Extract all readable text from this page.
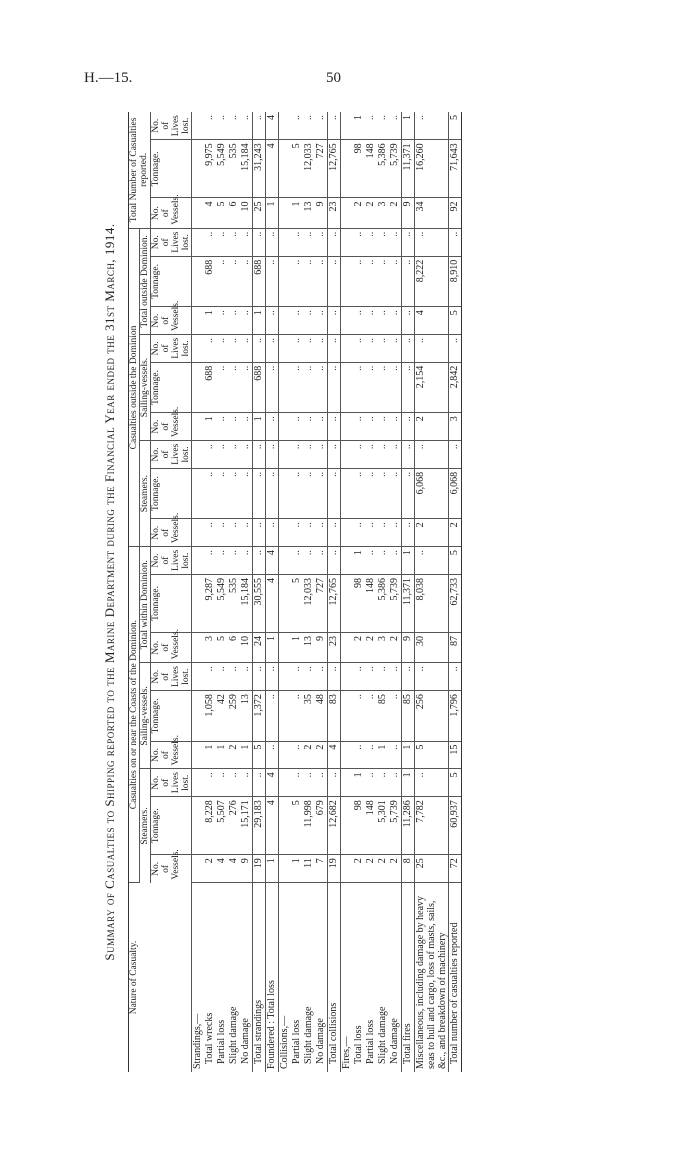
H.—15.	50
Summary of Casualties to Shipping reported to the Marine Department during the Financial Year ended the 31st March, 1914.
Nature of Casualty.	Casualties on or near the Coasts of the Dominion.									Casualties outside the Dominion									Total Number of Casualties reported.		
	Steamers.			Sailing-vessels.			Total within Dominion.			Steamers.			Sailing-vessels.			Total outside Dominion.					
	No. of Vessels.	Tonnage.	No. of Lives lost.	No. of Vessels.	Tonnage.	No. of Lives lost.	No. of Vessels.	Tonnage.	No. of Lives lost.	No. of Vessels.	Tonnage.	No. of Lives lost.	No. of Vessels.	Tonnage.	No. of Lives lost.	No. of Vessels.	Tonnage.	No. of Lives lost.	No. of Vessels.	Tonnage.	No. of Lives lost.
Strandings,—																					
Total wrecks	2	8,228	..	1	1,058	..	3	9,287	..	..	..	..	1	688	..	1	688	..	4	9,975	..
Partial loss	4	5,507	..	1	42	..	5	5,549	..	..	..	..	..	..	..	..	..	..	5	5,549	..
Slight damage	4	276	..	2	259	..	6	535	..	..	..	..	..	..	..	..	..	..	6	535	..
No damage	9	15,171	..	1	13	..	10	15,184	..	..	..	..	..	..	..	..	..	..	10	15,184	..
Total strandings	19	29,183	..	5	1,372	..	24	30,555	..	..	..	..	1	688	..	1	688	..	25	31,243	..
Foundered : Total loss	1	4	4	..	..	..	1	4	4	..	..	..	..	..	..	..	..	..	1	4	4
Collisions,—																					
Partial loss	1	5	..	..	..	..	1	5	..	..	..	..	..	..	..	..	..	..	1	5	..
Slight damage	11	11,998	..	2	35	..	13	12,033	..	..	..	..	..	..	..	..	..	..	13	12,033	..
No damage	7	679	..	2	48	..	9	727	..	..	..	..	..	..	..	..	..	..	9	727	..
Total collisions	19	12,682	..	4	83	..	23	12,765	..	..	..	..	..	..	..	..	..	..	23	12,765	..
Fires,—																					
Total loss	2	98	1	..	..	..	2	98	1	..	..	..	..	..	..	..	..	..	2	98	1
Partial loss	2	148	..	..	..	..	2	148	..	..	..	..	..	..	..	..	..	..	2	148	..
Slight damage	2	5,301	..	1	85	..	3	5,386	..	..	..	..	..	..	..	..	..	..	3	5,386	..
No damage	2	5,739	..	..	..	..	2	5,739	..	..	..	..	..	..	..	..	..	..	2	5,739	..
Total fires	8	11,286	1	1	85	..	9	11,371	1	..	..	..	..	..	..	..	..	..	9	11,371	1
Miscellaneous, including damage by heavy seas to hull and cargo, loss of masts, sails, &c., and breakdown of machinery	25	7,782	..	5	256	..	30	8,038	..	2	6,068	..	2	2,154	..	4	8,222	..	34	16,260	..
Total number of casualties reported	72	60,937	5	15	1,796	..	87	62,733	5	2	6,068	..	3	2,842	..	5	8,910	..	92	71,643	5
